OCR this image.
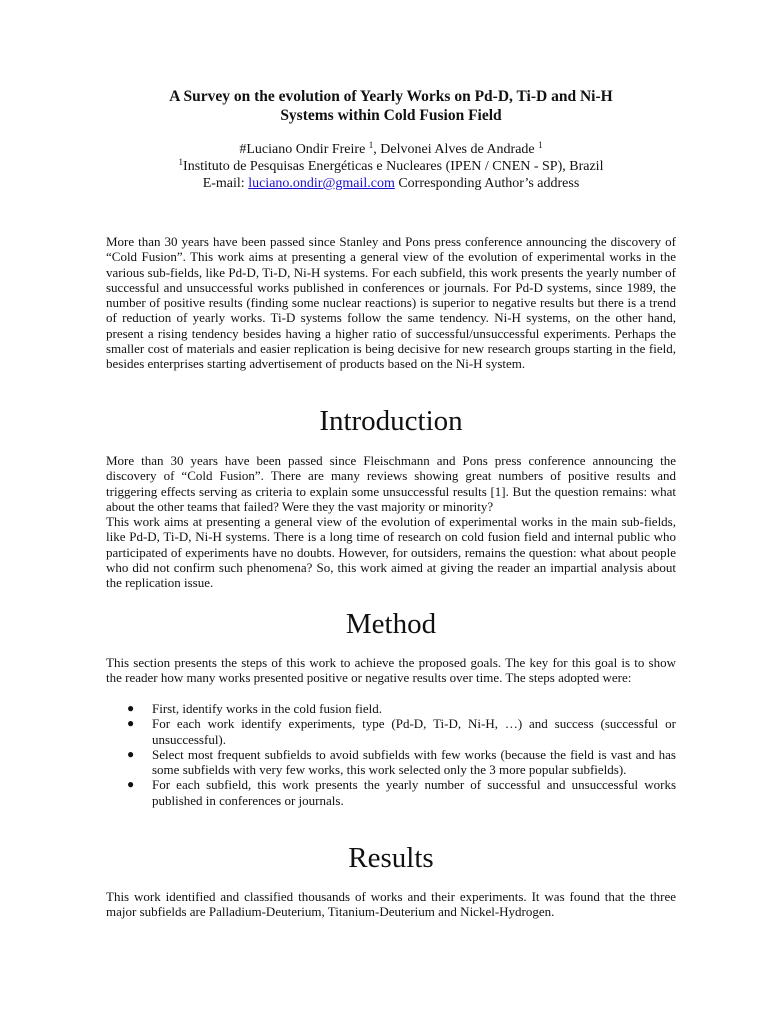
A Survey on the evolution of Yearly Works on Pd-D, Ti-D and Ni-H
Systems within Cold Fusion Field
#Luciano Ondir Freire $^1$, Delvonei Alves de Andrade $^1$
$^1$Instituto de Pesquisas Energéticas e Nucleares (IPEN / CNEN - SP), Brazil
E-mail: luciano.ondir@gmail.com Corresponding Author’s address

More than 30 years have been passed since Stanley and Pons press conference announcing the discovery of “Cold Fusion”. This work aims at presenting a general view of the evolution of experimental works in the various sub-fields, like Pd-D, Ti-D, Ni-H systems. For each subfield, this work presents the yearly number of successful and unsuccessful works published in conferences or journals. For Pd-D systems, since 1989, the number of positive results (finding some nuclear reactions) is superior to negative results but there is a trend of reduction of yearly works. Ti-D systems follow the same tendency. Ni-H systems, on the other hand, present a rising tendency besides having a higher ratio of successful/unsuccessful experiments. Perhaps the smaller cost of materials and easier replication is being decisive for new research groups starting in the field, besides enterprises starting advertisement of products based on the Ni-H system.

Introduction

More than 30 years have been passed since Fleischmann and Pons press conference announcing the discovery of “Cold Fusion”. There are many reviews showing great numbers of positive results and triggering effects serving as criteria to explain some unsuccessful results [1]. But the question remains: what about the other teams that failed? Were they the vast majority or minority?

This work aims at presenting a general view of the evolution of experimental works in the main sub-fields, like Pd-D, Ti-D, Ni-H systems. There is a long time of research on cold fusion field and internal public who participated of experiments have no doubts. However, for outsiders, remains the question: what about people who did not confirm such phenomena? So, this work aimed at giving the reader an impartial analysis about the replication issue.

Method

This section presents the steps of this work to achieve the proposed goals. The key for this goal is to show the reader how many works presented positive or negative results over time. The steps adopted were:

● First, identify works in the cold fusion field.
● For each work identify experiments, type (Pd-D, Ti-D, Ni-H, …) and success (successful or unsuccessful).
● Select most frequent subfields to avoid subfields with few works (because the field is vast and has some subfields with very few works, this work selected only the 3 more popular subfields).
● For each subfield, this work presents the yearly number of successful and unsuccessful works published in conferences or journals.
Results

This work identified and classified thousands of works and their experiments. It was found that the three major subfields are Palladium-Deuterium, Titanium-Deuterium and Nickel-Hydrogen.
